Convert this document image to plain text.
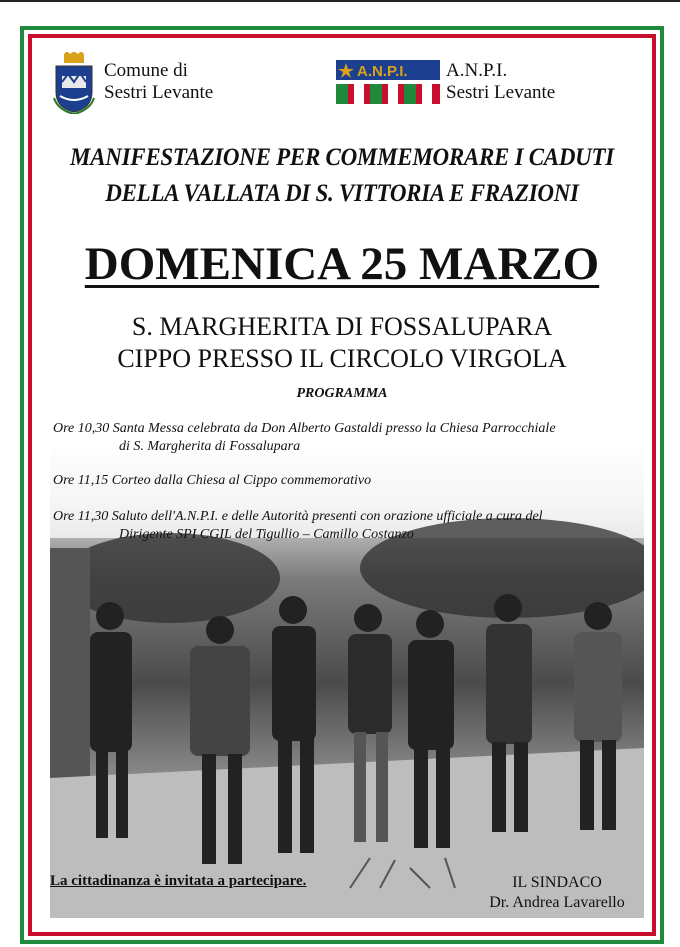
Comune di
Sestri Levante
A.N.P.I. A.N.P.I.
Sestri Levante
MANIFESTAZIONE PER COMMEMORARE I CADUTI
DELLA VALLATA DI S. VITTORIA E FRAZIONI
DOMENICA 25 MARZO
S. MARGHERITA DI FOSSALUPARA
CIPPO PRESSO IL CIRCOLO VIRGOLA
PROGRAMMA
Ore 10,30 Santa Messa celebrata da Don Alberto Gastaldi presso la Chiesa Parrocchiale
di S. Margherita di Fossalupara
Ore 11,15 Corteo dalla Chiesa al Cippo commemorativo
Ore 11,30 Saluto dell'A.N.P.I. e delle Autorità presenti con orazione ufficiale a cura del
Dirigente SPI CGIL del Tigullio – Camillo Costanzo
La cittadinanza è invitata a partecipare.	IL SINDACO
Dr. Andrea Lavarello
